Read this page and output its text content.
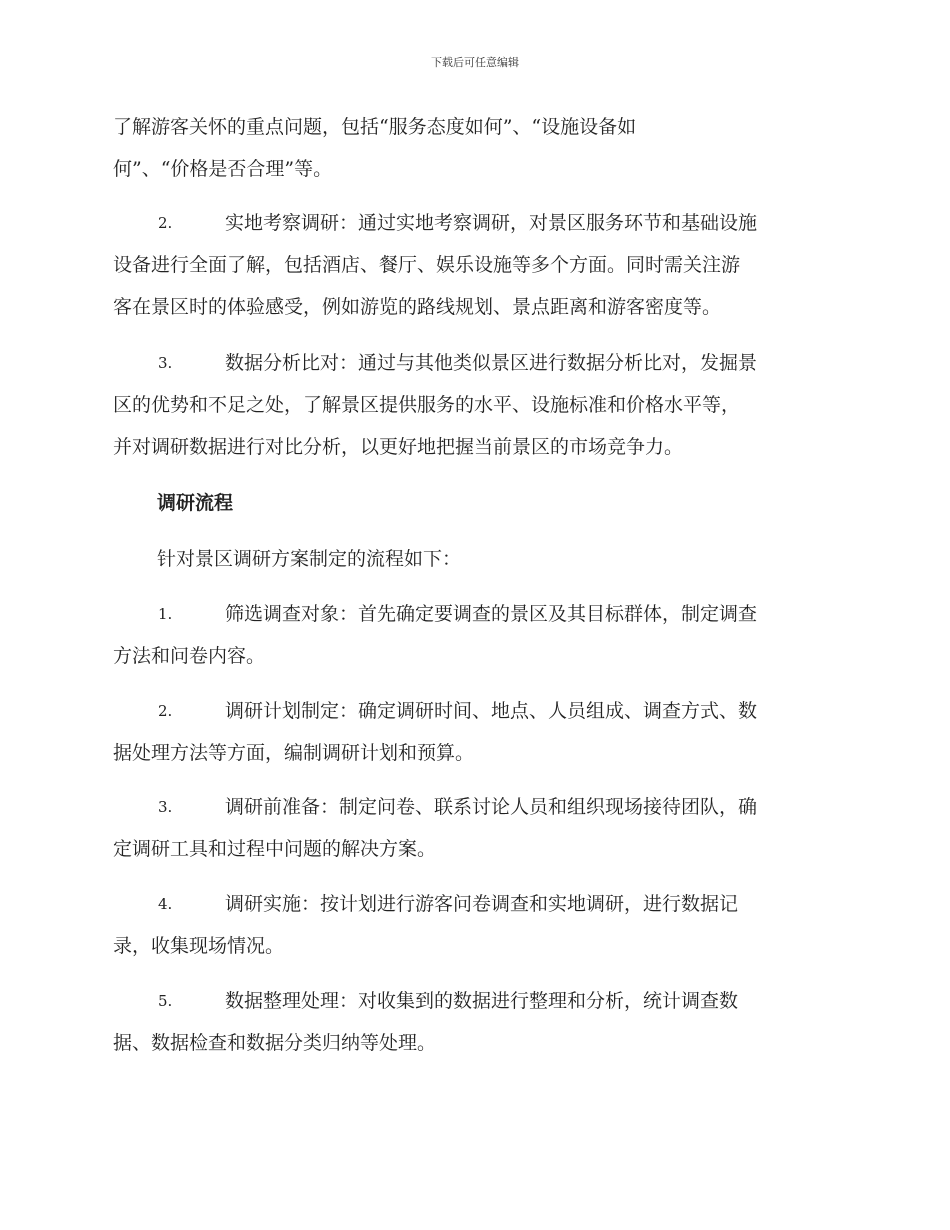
下载后可任意编辑
了解游客关怀的重点问题，包括“服务态度如何”、“设施设备如
何”、“价格是否合理”等。
2.	实地考察调研：通过实地考察调研，对景区服务环节和基础设施
设备进行全面了解，包括酒店、餐厅、娱乐设施等多个方面。同时需关注游
客在景区时的体验感受，例如游览的路线规划、景点距离和游客密度等。
3.	数据分析比对：通过与其他类似景区进行数据分析比对，发掘景
区的优势和不足之处，了解景区提供服务的水平、设施标准和价格水平等，
并对调研数据进行对比分析，以更好地把握当前景区的市场竞争力。
调研流程
针对景区调研方案制定的流程如下：
1.	筛选调查对象：首先确定要调查的景区及其目标群体，制定调查
方法和问卷内容。
2.	调研计划制定：确定调研时间、地点、人员组成、调查方式、数
据处理方法等方面，编制调研计划和预算。
3.	调研前准备：制定问卷、联系讨论人员和组织现场接待团队，确
定调研工具和过程中问题的解决方案。
4.	调研实施：按计划进行游客问卷调查和实地调研，进行数据记
录，收集现场情况。
5.	数据整理处理：对收集到的数据进行整理和分析，统计调查数
据、数据检查和数据分类归纳等处理。
